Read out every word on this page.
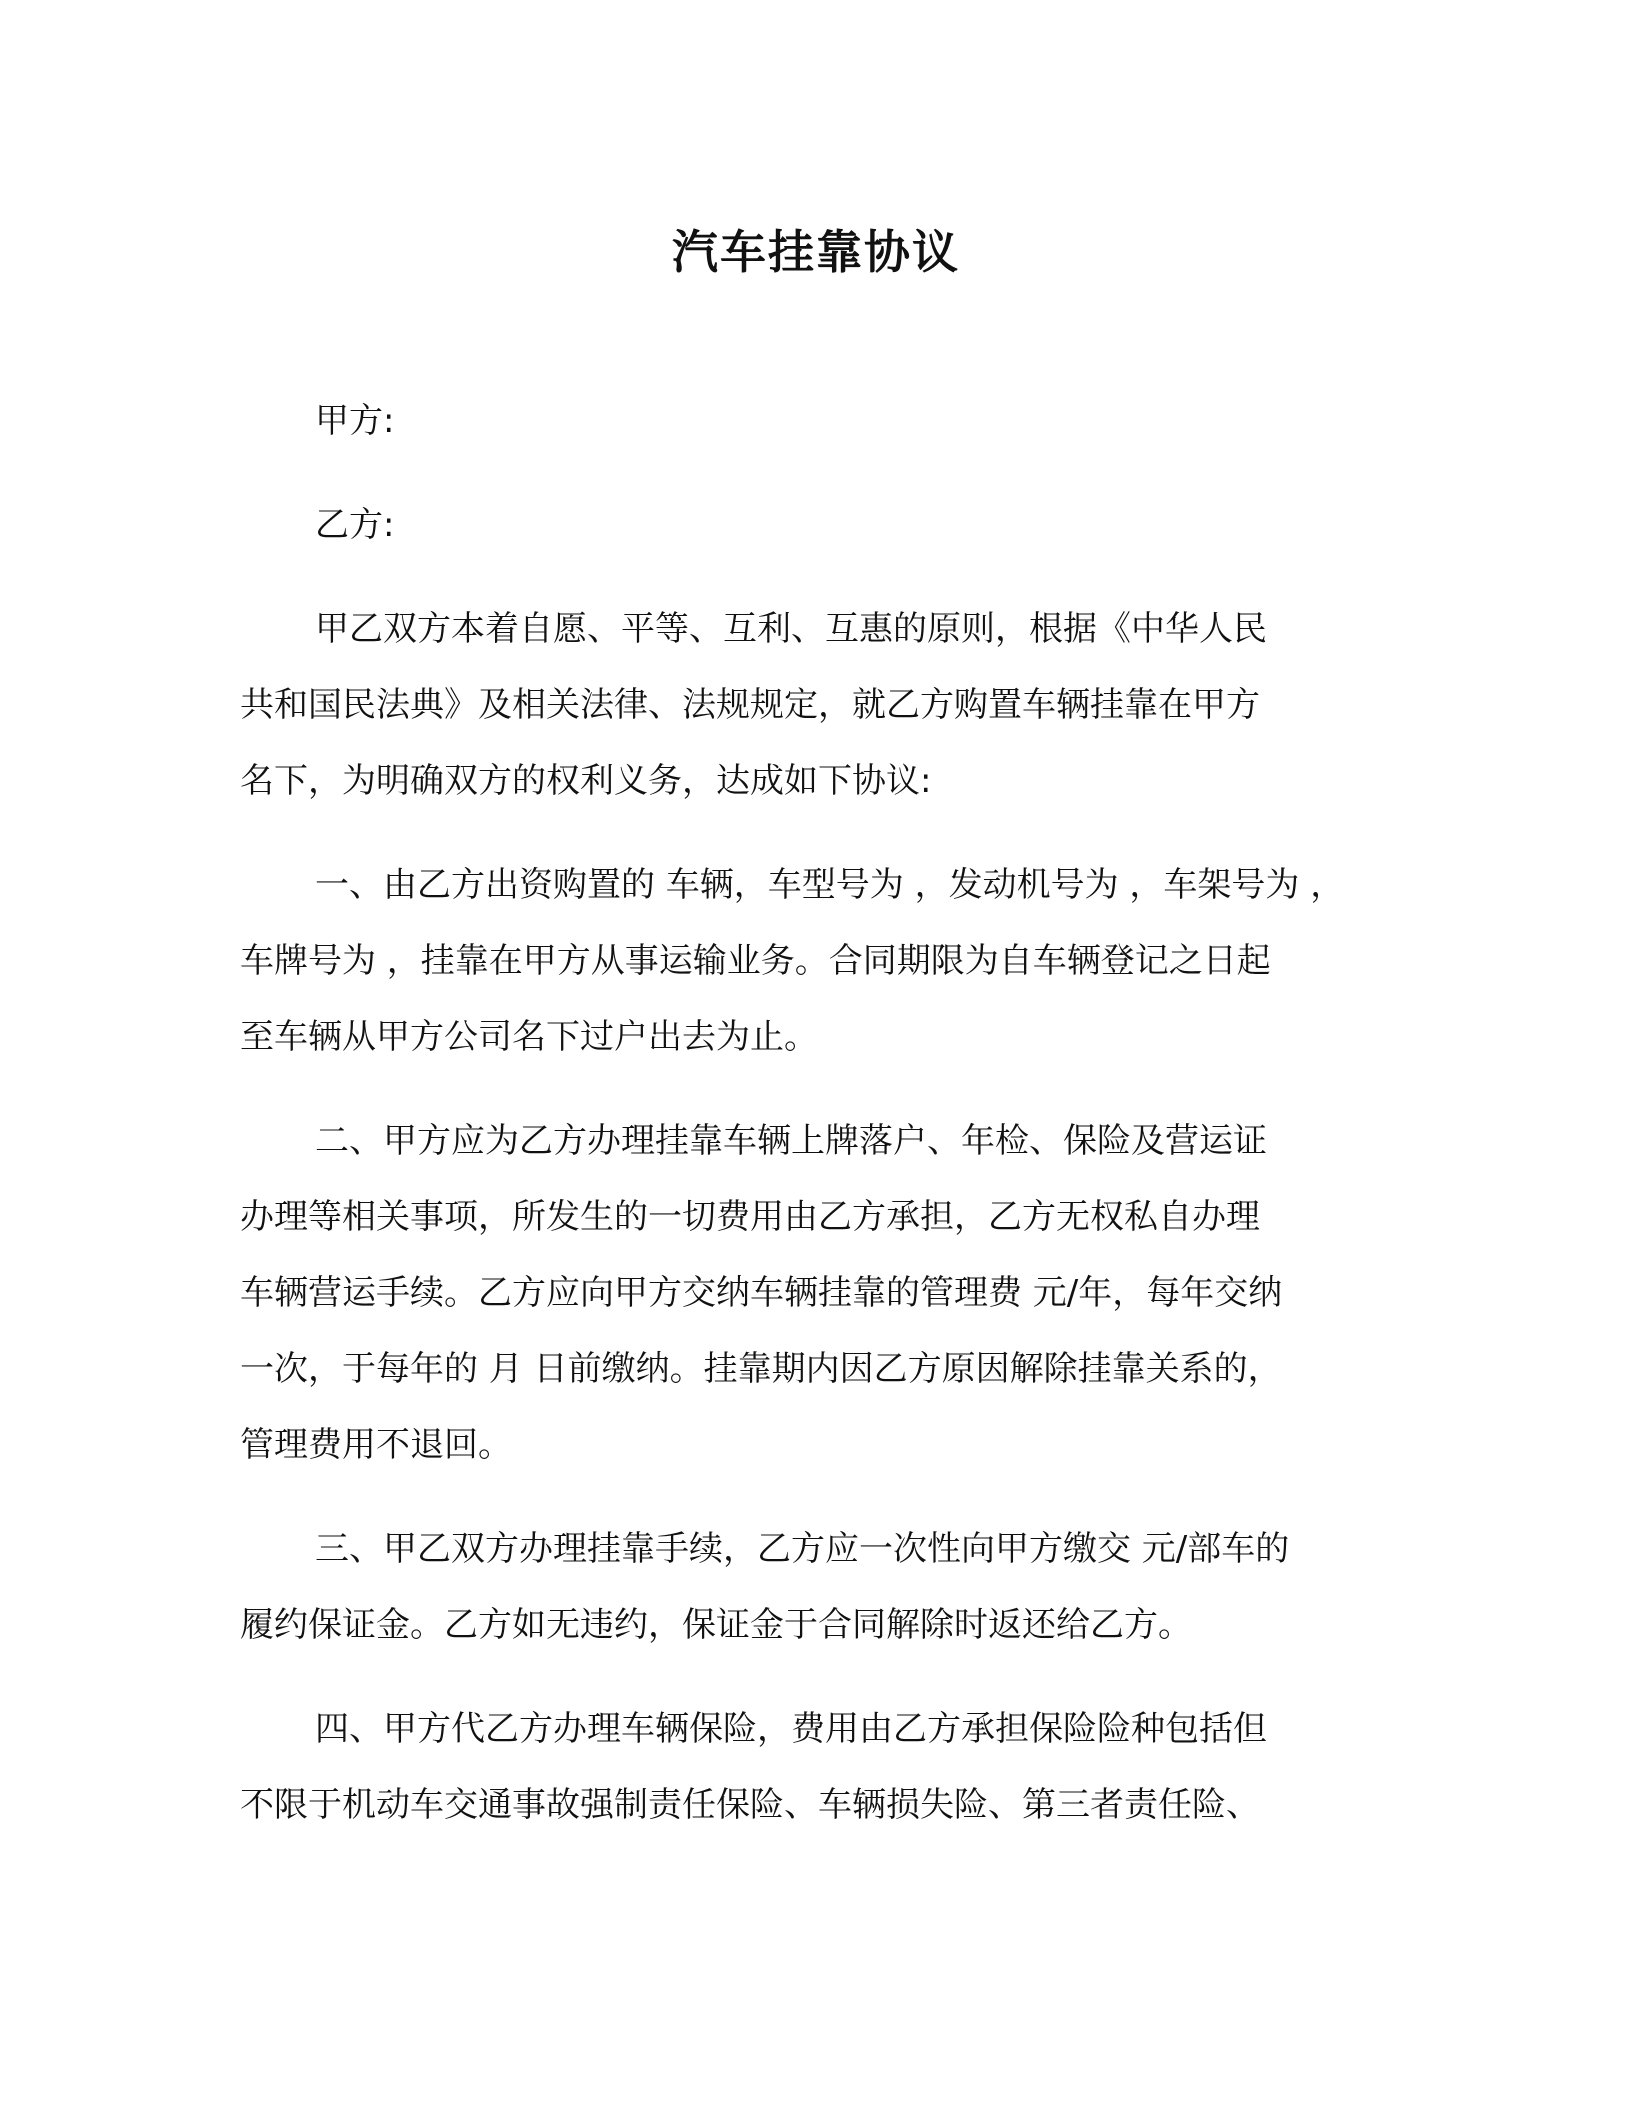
汽车挂靠协议
甲方:
乙方:
甲乙双方本着自愿、平等、互利、互惠的原则，根据《中华人民
共和国民法典》及相关法律、法规规定，就乙方购置车辆挂靠在甲方
名下，为明确双方的权利义务，达成如下协议:
一、由乙方出资购置的 车辆，车型号为 ，发动机号为 ，车架号为 ，
车牌号为 ，挂靠在甲方从事运输业务。合同期限为自车辆登记之日起
至车辆从甲方公司名下过户出去为止。
二、甲方应为乙方办理挂靠车辆上牌落户、年检、保险及营运证
办理等相关事项，所发生的一切费用由乙方承担，乙方无权私自办理
车辆营运手续。乙方应向甲方交纳车辆挂靠的管理费 元/年，每年交纳
一次，于每年的 月 日前缴纳。挂靠期内因乙方原因解除挂靠关系的，
管理费用不退回。
三、甲乙双方办理挂靠手续，乙方应一次性向甲方缴交 元/部车的
履约保证金。乙方如无违约，保证金于合同解除时返还给乙方。
四、甲方代乙方办理车辆保险，费用由乙方承担保险险种包括但
不限于机动车交通事故强制责任保险、车辆损失险、第三者责任险、
